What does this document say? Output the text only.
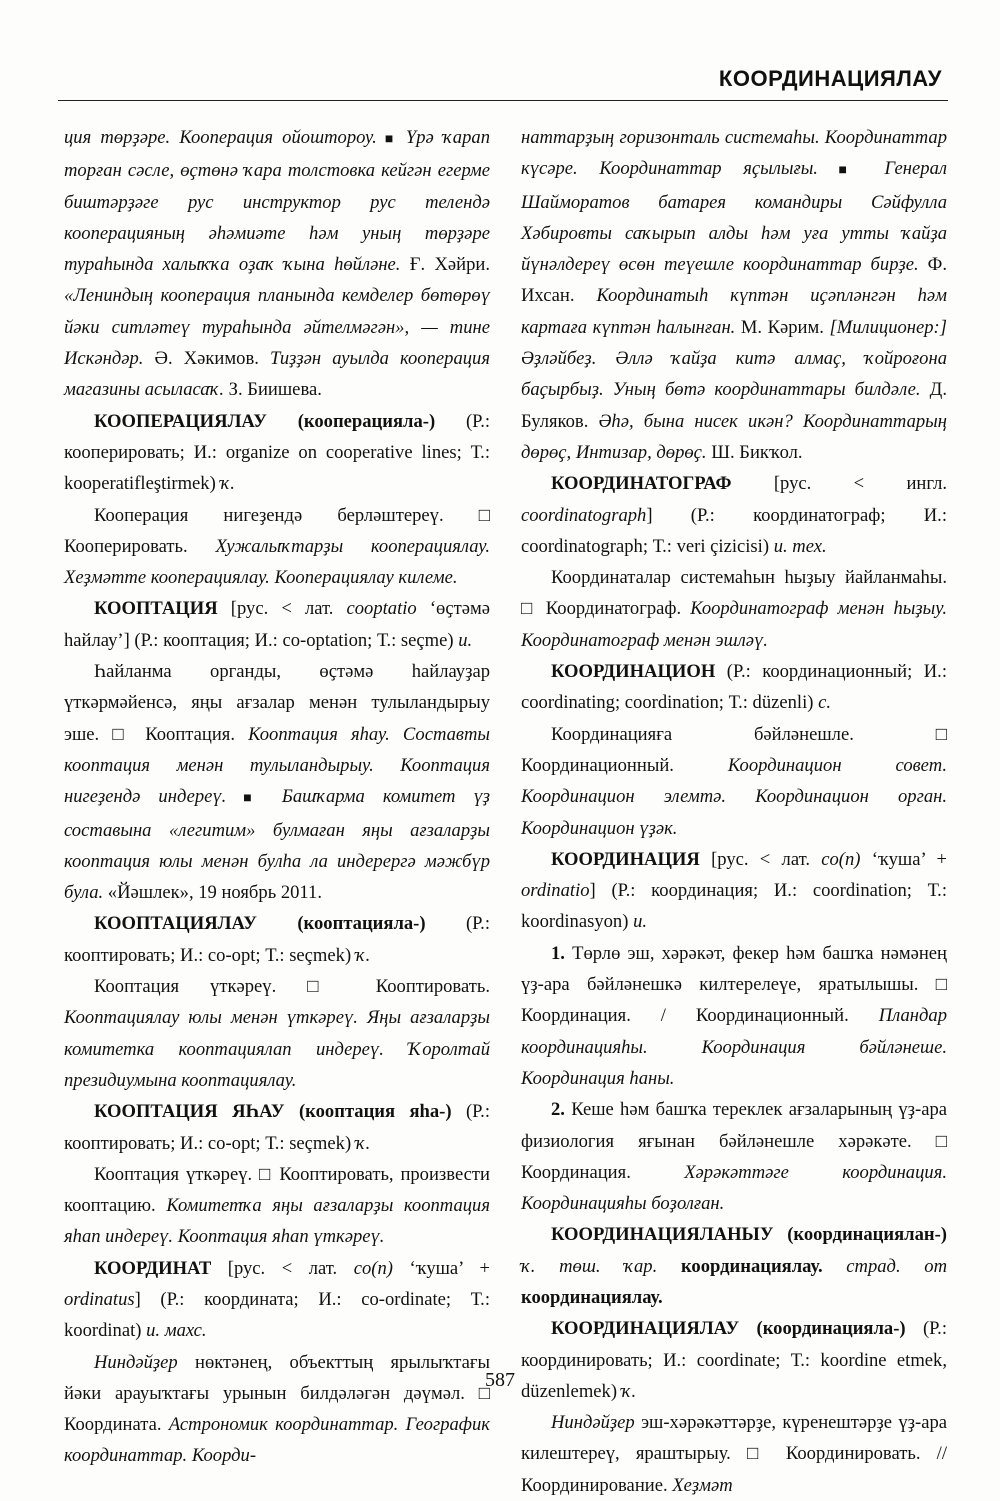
КООРДИНАЦИЯЛАУ

ция төрҙәре. Кооперация ойоштороу. ■ Үрә ҡарап торған сәсле, өҫтөнә ҡара толстовка кейгән егерме биштәрҙәге рус инструктор рус телендә кооперацияның әһәмиәте һәм уның төрҙәре тураһында халыҡҡа оҙаҡ ҡына һөйләне. Ғ. Хәйри. «Лениндың кооперация планында кемделер бөтөрөү йәки ситләтеү тураһында әйтелмәгән», — тине Искәндәр. Ә. Хәкимов. Тиҙҙән ауылда кооперация магазины асыласаҡ. З. Биишева.

КООПЕРАЦИЯЛАУ (кооперацияла-) (Р.: кооперировать; И.: organize on cooperative lines; Т.: kooperatifleştirmek) ҡ.

Кооперация нигеҙендә берләштереү. □ Кооперировать. Хужалыҡтарҙы кооперациялау. Хеҙмәтте кооперациялау. Кооперациялау килеме.

КООПТАЦИЯ [рус. < лат. cooptatio ‘өҫтәмә һайлау’] (Р.: кооптация; И.: co-optation; Т.: seçme) и.

Һайланма органды, өҫтәмә һайлауҙар үткәрмәйенсә, яңы ағзалар менән тулыландырыу эше. □ Кооптация. Кооптация яһау. Составты кооптация менән тулыландырыу. Кооптация нигеҙендә индереү. ■ Башҡарма комитет үҙ составына «легитим» булмаған яңы ағзаларҙы кооптация юлы менән булһа ла индерергә мәжбүр була. «Йәшлек», 19 ноябрь 2011.

КООПТАЦИЯЛАУ (кооптацияла-) (Р.: кооптировать; И.: co-opt; Т.: seçmek) ҡ.

Кооптация үткәреү. □ Кооптировать. Кооптациялау юлы менән үткәреү. Яңы ағзаларҙы комитетка кооптациялап индереү. Ҡоролтай президиумына кооптациялау.

КООПТАЦИЯ ЯҺАУ (кооптация яһа-) (Р.: кооптировать; И.: co-opt; Т.: seçmek) ҡ.

Кооптация үткәреү. □ Кооптировать, произвести кооптацию. Комитетҡа яңы ағзаларҙы кооптация яһап индереү. Кооптация яһап үткәреү.

КООРДИНАТ [рус. < лат. co(n) ‘ҡуша’ + ordinatus] (Р.: координата; И.: co-ordinate; Т.: koordinat) и. махс.

Ниндәйҙер нөктәнең, объекттың ярылыҡтағы йәки арауыҡтағы урынын билдәләгән дәүмәл. □ Координата. Астрономик координаттар. Географик координаттар. Коорди-

наттарҙың горизонталь системаһы. Координаттар күсәре. Координаттар яҫылығы. ■ Генерал Шайморатов батарея командиры Сәйфулла Хәбировты саҡырып алды һәм уға утты ҡайҙа йүнәлдереү өсөн теүешле координаттар бирҙе. Ф. Ихсан. Координатыһ күптән иҫәпләнгән һәм картаға күптән һалынған. М. Кәрим. [Милиционер:] Әҙләйбеҙ. Әллә ҡайҙа китә алмаҫ, ҡойроғона баҫырбыҙ. Уның бөтә координаттары билдәле. Д. Буляков. Әһә, бына нисек икән? Координаттарың дөрөҫ, Интизар, дөрөҫ. Ш. Бикҡол.

КООРДИНАТОГРАФ [рус. < ингл. coordinatograph] (Р.: координатограф; И.: coordinatograph; Т.: veri çizicisi) и. тех.

Координаталар системаһын һыҙыу йайланмаһы. □ Координатограф. Координатограф менән һыҙыу. Координатограф менән эшләү.

КООРДИНАЦИОН (Р.: координационный; И.: coordinating; coordination; Т.: düzenli) с.

Координацияға бәйләнешле. □ Координационный. Координацион совет. Координацион элемтә. Координацион орган. Координацион үҙәк.

КООРДИНАЦИЯ [рус. < лат. co(n) ‘ҡуша’ + ordinatio] (Р.: координация; И.: coordination; Т.: koordinasyon) и.

1. Төрлө эш, хәрәкәт, фекер һәм башҡа нәмәнең үҙ-ара бәйләнешкә килтерелеүе, ярaтылышы. □ Координация. / Координационный. Пландар координацияһы. Координация бәйләнеше. Координация һаны.

2. Кеше һәм башҡа тереклек ағзаларының үҙ-ара физиология яғынан бәйләнешле хәрәкәте. □ Координация. Хәрәкәттәге координация. Координацияһы боҙолған.

КООРДИНАЦИЯЛАНЫУ (координациялан-) ҡ. төш. ҡар. координациялау. страд. от координациялау.

КООРДИНАЦИЯЛАУ (координациялa-) (Р.: координировать; И.: coordinate; Т.: koordine etmek, düzenlemek) ҡ.

Ниндәйҙер эш-хәрәкәттәрҙе, күренештәрҙе үҙ-ара килештереү, яраштырыу. □ Координировать. // Координирование. Хеҙмәт

587
